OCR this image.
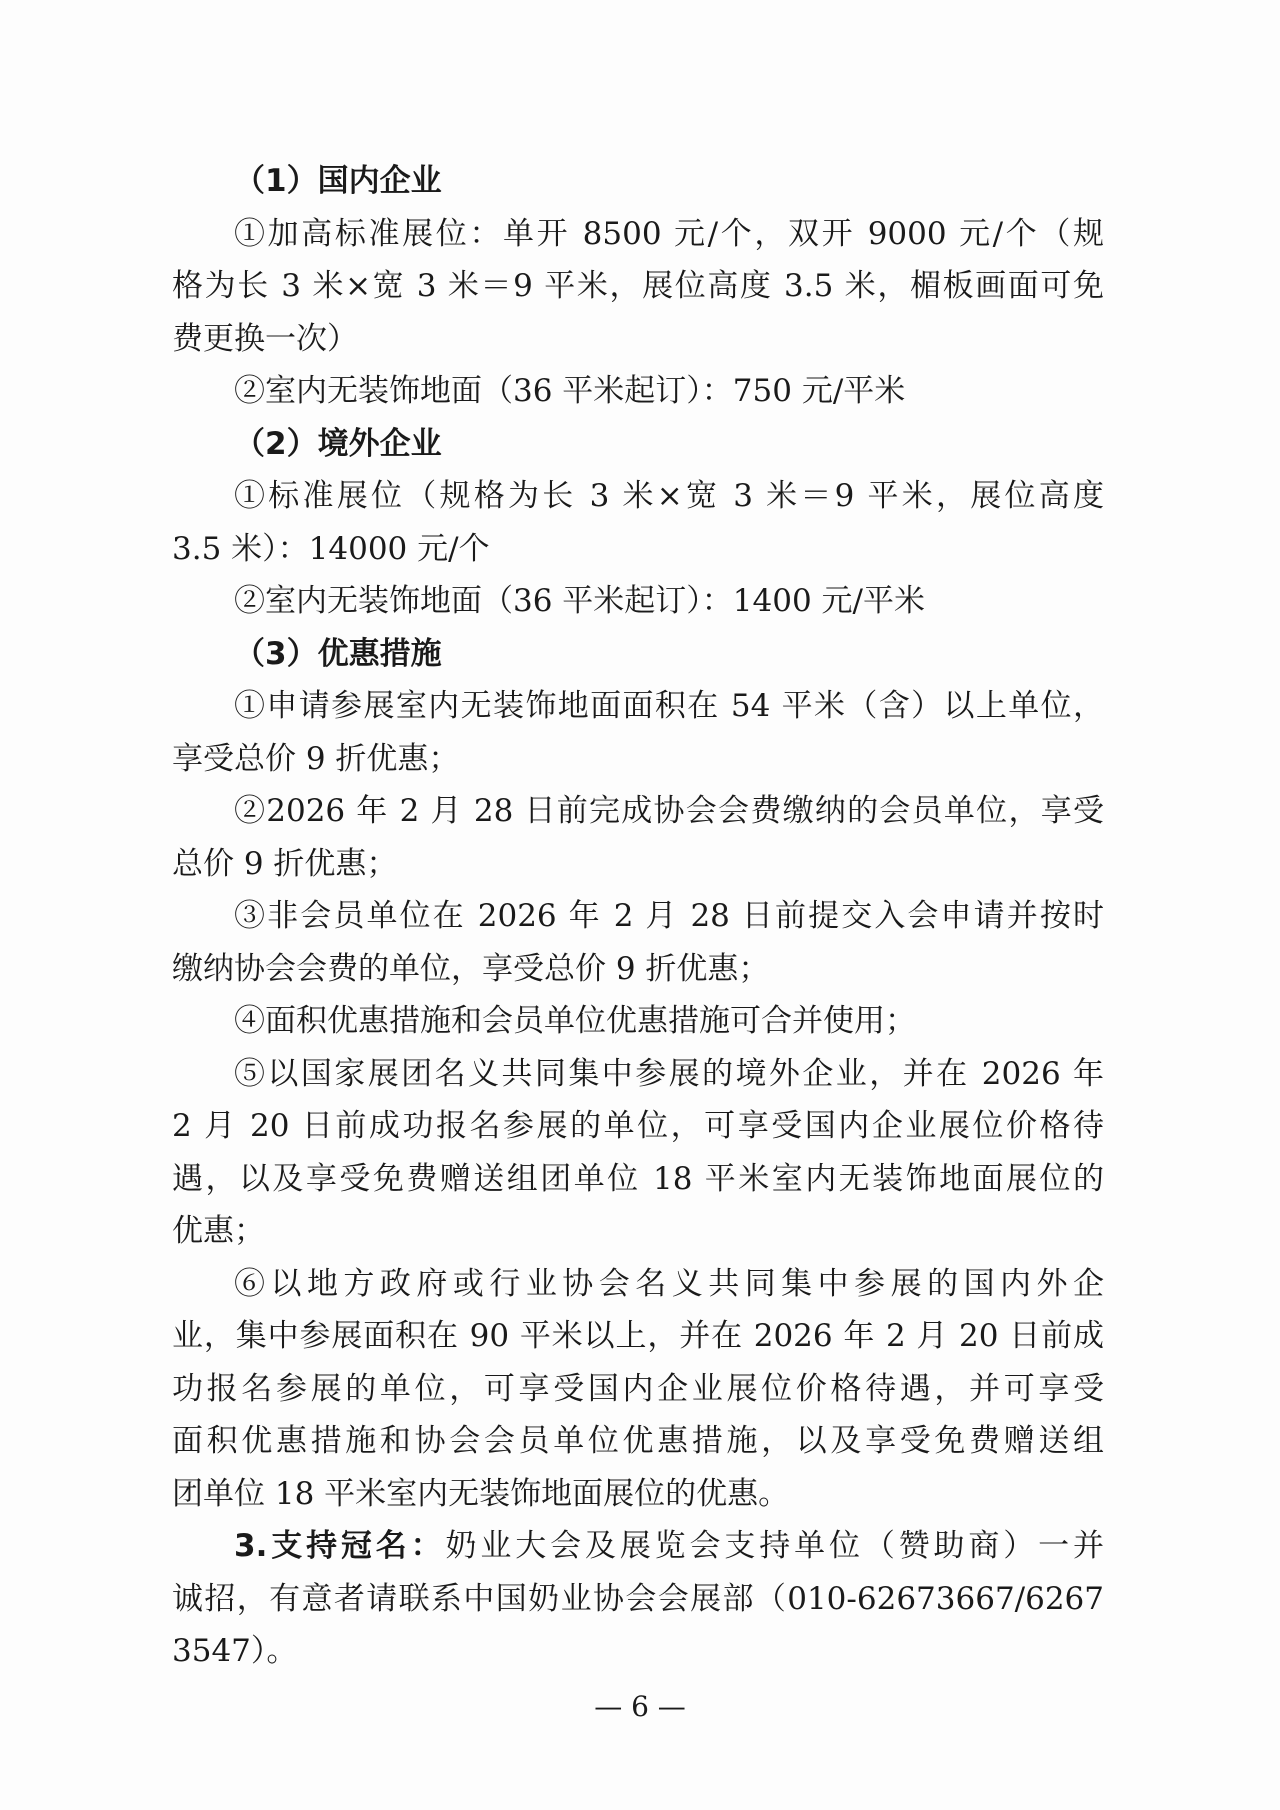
（1）国内企业
①加高标准展位：单开 8500 元/个，双开 9000 元/个（规
格为长 3 米×宽 3 米＝9 平米，展位高度 3.5 米，楣板画面可免
费更换一次）
②室内无装饰地面（36 平米起订）：750 元/平米
（2）境外企业
①标准展位（规格为长 3 米×宽 3 米＝9 平米，展位高度
3.5 米）：14000 元/个
②室内无装饰地面（36 平米起订）：1400 元/平米
（3）优惠措施
①申请参展室内无装饰地面面积在 54 平米（含）以上单位，
享受总价 9 折优惠；
②2026 年 2 月 28 日前完成协会会费缴纳的会员单位，享受
总价 9 折优惠；
③非会员单位在 2026 年 2 月 28 日前提交入会申请并按时
缴纳协会会费的单位，享受总价 9 折优惠；
④面积优惠措施和会员单位优惠措施可合并使用；
⑤以国家展团名义共同集中参展的境外企业，并在 2026 年
2 月 20 日前成功报名参展的单位，可享受国内企业展位价格待
遇，以及享受免费赠送组团单位 18 平米室内无装饰地面展位的
优惠；
⑥以地方政府或行业协会名义共同集中参展的国内外企
业，集中参展面积在 90 平米以上，并在 2026 年 2 月 20 日前成
功报名参展的单位，可享受国内企业展位价格待遇，并可享受
面积优惠措施和协会会员单位优惠措施，以及享受免费赠送组
团单位 18 平米室内无装饰地面展位的优惠。
3.支持冠名：奶业大会及展览会支持单位（赞助商）一并
诚招，有意者请联系中国奶业协会会展部（010-62673667/6267
3547）。
— 6 —
